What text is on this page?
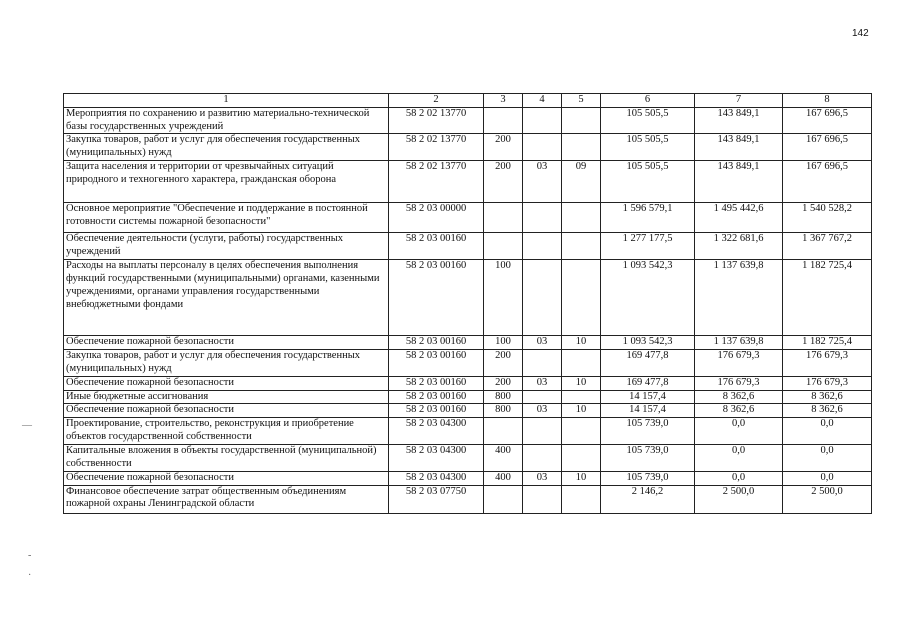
142
1	2	3	4	5	6	7	8
Мероприятия по сохранению и развитию материально-технической базы государственных учреждений	58 2 02 13770				105 505,5	143 849,1	167 696,5
Закупка товаров, работ и услуг для обеспечения государственных (муниципальных) нужд	58 2 02 13770	200			105 505,5	143 849,1	167 696,5
Защита населения и территории от чрезвычайных ситуаций природного и техногенного характера, гражданская оборона	58 2 02 13770	200	03	09	105 505,5	143 849,1	167 696,5
Основное мероприятие "Обеспечение и поддержание в постоянной готовности системы пожарной безопасности"	58 2 03 00000				1 596 579,1	1 495 442,6	1 540 528,2
Обеспечение деятельности (услуги, работы) государственных учреждений	58 2 03 00160				1 277 177,5	1 322 681,6	1 367 767,2
Расходы на выплаты персоналу в целях обеспечения выполнения функций государственными (муниципальными) органами, казенными учреждениями, органами управления государственными внебюджетными фондами	58 2 03 00160	100			1 093 542,3	1 137 639,8	1 182 725,4
Обеспечение пожарной безопасности	58 2 03 00160	100	03	10	1 093 542,3	1 137 639,8	1 182 725,4
Закупка товаров, работ и услуг для обеспечения государственных (муниципальных) нужд	58 2 03 00160	200			169 477,8	176 679,3	176 679,3
Обеспечение пожарной безопасности	58 2 03 00160	200	03	10	169 477,8	176 679,3	176 679,3
Иные бюджетные ассигнования	58 2 03 00160	800			14 157,4	8 362,6	8 362,6
Обеспечение пожарной безопасности	58 2 03 00160	800	03	10	14 157,4	8 362,6	8 362,6
Проектирование, строительство, реконструкция и приобретение объектов государственной собственности	58 2 03 04300				105 739,0	0,0	0,0
Капитальные вложения в объекты государственной (муниципальной) собственности	58 2 03 04300	400			105 739,0	0,0	0,0
Обеспечение пожарной безопасности	58 2 03 04300	400	03	10	105 739,0	0,0	0,0
Финансовое обеспечение затрат общественным объединениям пожарной охраны Ленинградской области	58 2 03 07750				2 146,2	2 500,0	2 500,0
—
-
·
